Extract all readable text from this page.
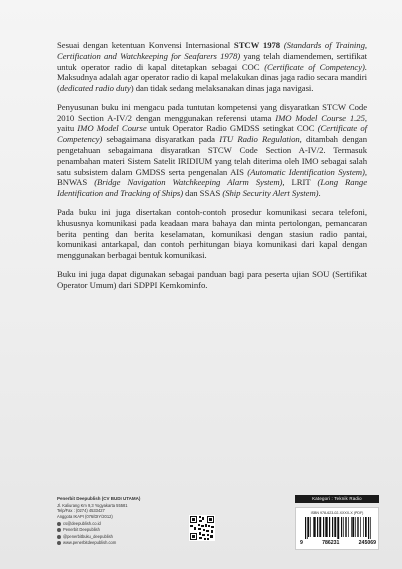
Sesuai dengan ketentuan Konvensi Internasional STCW 1978 (Standards of Training, Certification and Watchkeeping for Seafarers 1978) yang telah diamendemen, sertifikat untuk operator radio di kapal ditetapkan sebagai COC (Certificate of Competency). Maksudnya adalah agar operator radio di kapal melakukan dinas jaga radio secara mandiri (dedicated radio duty) dan tidak sedang melaksanakan dinas jaga navigasi.

Penyusunan buku ini mengacu pada tuntutan kompetensi yang disyaratkan STCW Code 2010 Section A-IV/2 dengan menggunakan referensi utama IMO Model Course 1.25, yaitu IMO Model Course untuk Operator Radio GMDSS setingkat COC (Certificate of Competency) sebagaimana disyaratkan pada ITU Radio Regulation, ditambah dengan pengetahuan sebagaimana disyaratkan STCW Code Section A-IV/2. Termasuk penambahan materi Sistem Satelit IRIDIUM yang telah diterima oleh IMO sebagai salah satu subsistem dalam GMDSS serta pengenalan AIS (Automatic Identification System), BNWAS (Bridge Navigation Watchkeeping Alarm System), LRIT (Long Range Identification and Tracking of Ships) dan SSAS (Ship Security Alert System).

Pada buku ini juga disertakan contoh-contoh prosedur komunikasi secara telefoni, khususnya komunikasi pada keadaan mara bahaya dan minta pertolongan, pemancaran berita penting dan berita keselamatan, komunikasi dengan stasiun radio pantai, komunikasi antarkapal, dan contoh perhitungan biaya komunikasi dari kapal dengan menggunakan berbagai bentuk komunikasi.

Buku ini juga dapat digunakan sebagai panduan bagi para peserta ujian SOU (Sertifikat Operator Umum) dari SDPPI Kemkominfo.

Penerbit Deepublish (CV BUDI UTAMA)
Jl. Kaliurang Km 9,3 Yogyakarta 55581
Telp/Fax : (0274) 4533427
Anggota IKAPI (076/DIY/2012)
cs@deepublish.co.id
Penerbit Deepublish
@penerbitbuku_deepublish
www.penerbitdeepublish.com
Kategori : Teknik Radio
ISBN 978-623-02-XXXX-X (PDF)
9	786231	245069
